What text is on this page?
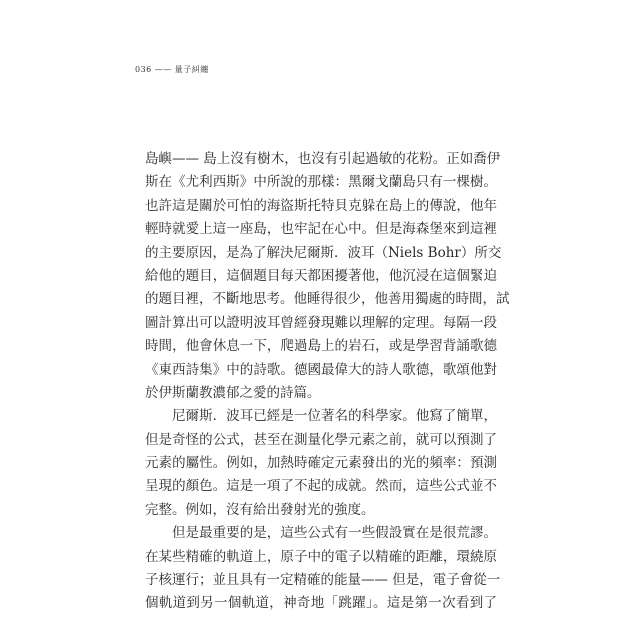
036 —— 量子糾纏
島嶼—— 島上沒有樹木，也沒有引起過敏的花粉。正如喬伊
斯在《尤利西斯》中所說的那樣：黑爾戈蘭島只有一棵樹。
也許這是關於可怕的海盜斯托特貝克躲在島上的傳說，他年
輕時就愛上這一座島，也牢記在心中。但是海森堡來到這裡
的主要原因，是為了解決尼爾斯．波耳（Niels Bohr）所交
給他的題目，這個題目每天都困擾著他，他沉浸在這個緊迫
的題目裡，不斷地思考。他睡得很少，他善用獨處的時間，試
圖計算出可以證明波耳曾經發現難以理解的定理。每隔一段
時間，他會休息一下，爬過島上的岩石，或是學習背誦歌德
《東西詩集》中的詩歌。德國最偉大的詩人歌德，歌頌他對
於伊斯蘭教濃郁之愛的詩篇。
尼爾斯．波耳已經是一位著名的科學家。他寫了簡單，
但是奇怪的公式，甚至在測量化學元素之前，就可以預測了
元素的屬性。例如，加熱時確定元素發出的光的頻率：預測
呈現的顏色。這是一項了不起的成就。然而，這些公式並不
完整。例如，沒有給出發射光的強度。
但是最重要的是，這些公式有一些假設實在是很荒謬。
在某些精確的軌道上，原子中的電子以精確的距離，環繞原
子核運行；並且具有一定精確的能量—— 但是，電子會從一
個軌道到另一個軌道，神奇地「跳躍」。這是第一次看到了
